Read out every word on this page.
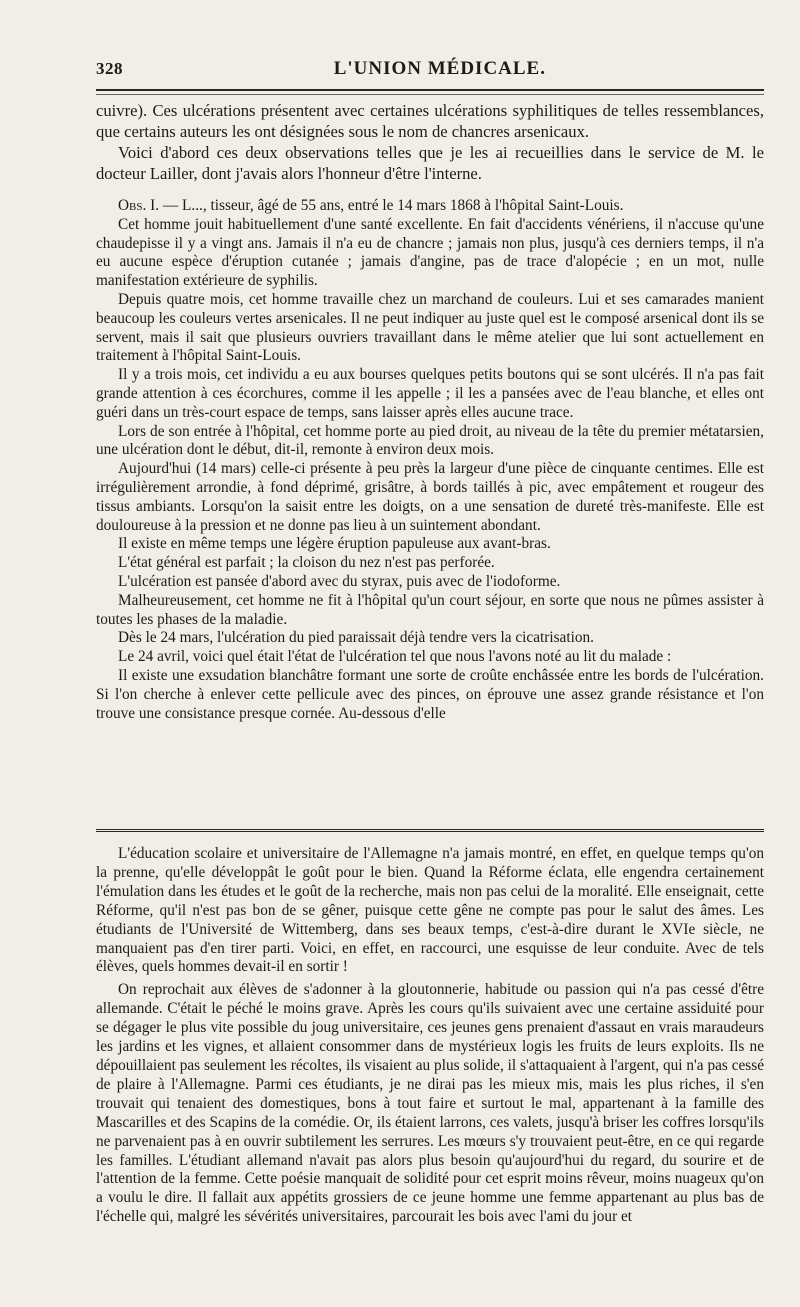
328	L'UNION MÉDICALE.

cuivre). Ces ulcérations présentent avec certaines ulcérations syphilitiques de telles ressemblances, que certains auteurs les ont désignées sous le nom de chancres arsenicaux.

Voici d'abord ces deux observations telles que je les ai recueillies dans le service de M. le docteur Lailler, dont j'avais alors l'honneur d'être l'interne.

Obs. I. — L..., tisseur, âgé de 55 ans, entré le 14 mars 1868 à l'hôpital Saint-Louis.

Cet homme jouit habituellement d'une santé excellente. En fait d'accidents vénériens, il n'accuse qu'une chaudepisse il y a vingt ans. Jamais il n'a eu de chancre ; jamais non plus, jusqu'à ces derniers temps, il n'a eu aucune espèce d'éruption cutanée ; jamais d'angine, pas de trace d'alopécie ; en un mot, nulle manifestation extérieure de syphilis.

Depuis quatre mois, cet homme travaille chez un marchand de couleurs. Lui et ses camarades manient beaucoup les couleurs vertes arsenicales. Il ne peut indiquer au juste quel est le composé arsenical dont ils se servent, mais il sait que plusieurs ouvriers travaillant dans le même atelier que lui sont actuellement en traitement à l'hôpital Saint-Louis.

Il y a trois mois, cet individu a eu aux bourses quelques petits boutons qui se sont ulcérés. Il n'a pas fait grande attention à ces écorchures, comme il les appelle ; il les a pansées avec de l'eau blanche, et elles ont guéri dans un très-court espace de temps, sans laisser après elles aucune trace.

Lors de son entrée à l'hôpital, cet homme porte au pied droit, au niveau de la tête du premier métatarsien, une ulcération dont le début, dit-il, remonte à environ deux mois.

Aujourd'hui (14 mars) celle-ci présente à peu près la largeur d'une pièce de cinquante centimes. Elle est irrégulièrement arrondie, à fond déprimé, grisâtre, à bords taillés à pic, avec empâtement et rougeur des tissus ambiants. Lorsqu'on la saisit entre les doigts, on a une sensation de dureté très-manifeste. Elle est douloureuse à la pression et ne donne pas lieu à un suintement abondant.

Il existe en même temps une légère éruption papuleuse aux avant-bras.

L'état général est parfait ; la cloison du nez n'est pas perforée.

L'ulcération est pansée d'abord avec du styrax, puis avec de l'iodoforme.

Malheureusement, cet homme ne fit à l'hôpital qu'un court séjour, en sorte que nous ne pûmes assister à toutes les phases de la maladie.

Dès le 24 mars, l'ulcération du pied paraissait déjà tendre vers la cicatrisation.

Le 24 avril, voici quel était l'état de l'ulcération tel que nous l'avons noté au lit du malade :

Il existe une exsudation blanchâtre formant une sorte de croûte enchâssée entre les bords de l'ulcération. Si l'on cherche à enlever cette pellicule avec des pinces, on éprouve une assez grande résistance et l'on trouve une consistance presque cornée. Au-dessous d'elle

L'éducation scolaire et universitaire de l'Allemagne n'a jamais montré, en effet, en quelque temps qu'on la prenne, qu'elle développât le goût pour le bien. Quand la Réforme éclata, elle engendra certainement l'émulation dans les études et le goût de la recherche, mais non pas celui de la moralité. Elle enseignait, cette Réforme, qu'il n'est pas bon de se gêner, puisque cette gêne ne compte pas pour le salut des âmes. Les étudiants de l'Université de Wittemberg, dans ses beaux temps, c'est-à-dire durant le XVIe siècle, ne manquaient pas d'en tirer parti. Voici, en effet, en raccourci, une esquisse de leur conduite. Avec de tels élèves, quels hommes devait-il en sortir !

On reprochait aux élèves de s'adonner à la gloutonnerie, habitude ou passion qui n'a pas cessé d'être allemande. C'était le péché le moins grave. Après les cours qu'ils suivaient avec une certaine assiduité pour se dégager le plus vite possible du joug universitaire, ces jeunes gens prenaient d'assaut en vrais maraudeurs les jardins et les vignes, et allaient consommer dans de mystérieux logis les fruits de leurs exploits. Ils ne dépouillaient pas seulement les récoltes, ils visaient au plus solide, il s'attaquaient à l'argent, qui n'a pas cessé de plaire à l'Allemagne. Parmi ces étudiants, je ne dirai pas les mieux mis, mais les plus riches, il s'en trouvait qui tenaient des domestiques, bons à tout faire et surtout le mal, appartenant à la famille des Mascarilles et des Scapins de la comédie. Or, ils étaient larrons, ces valets, jusqu'à briser les coffres lorsqu'ils ne parvenaient pas à en ouvrir subtilement les serrures. Les mœurs s'y trouvaient peut-être, en ce qui regarde les familles. L'étudiant allemand n'avait pas alors plus besoin qu'aujourd'hui du regard, du sourire et de l'attention de la femme. Cette poésie manquait de solidité pour cet esprit moins rêveur, moins nuageux qu'on a voulu le dire. Il fallait aux appétits grossiers de ce jeune homme une femme appartenant au plus bas de l'échelle qui, malgré les sévérités universitaires, parcourait les bois avec l'ami du jour et
